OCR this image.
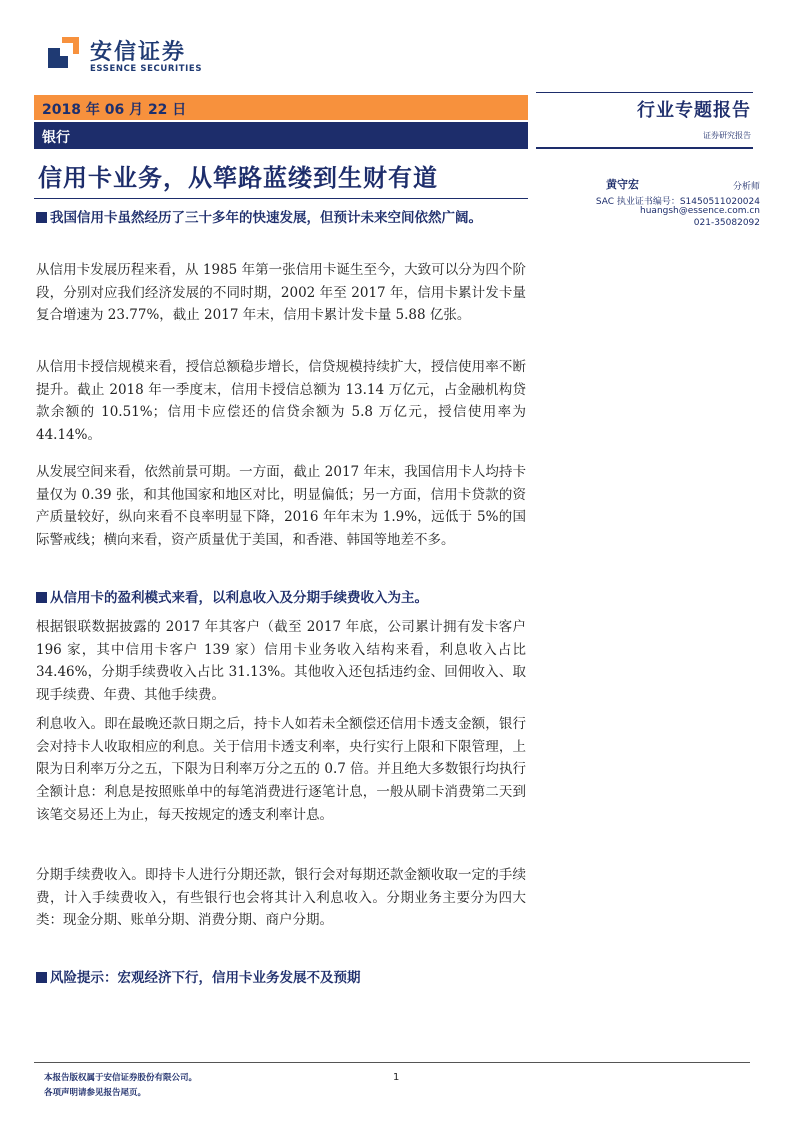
安信证券
ESSENCE SECURITIES
2018 年 06 月 22 日
银行
行业专题报告
证券研究报告
信用卡业务，从筚路蓝缕到生财有道	黄守宏	分析师
SAC 执业证书编号：S1450511020024
huangsh@essence.com.cn
021-35082092
我国信用卡虽然经历了三十多年的快速发展，但预计未来空间依然广阔。
从信用卡发展历程来看，从 1985 年第一张信用卡诞生至今，大致可以分为四个阶段，分别对应我们经济发展的不同时期，2002 年至 2017 年，信用卡累计发卡量复合增速为 23.77%，截止 2017 年末，信用卡累计发卡量 5.88 亿张。
从信用卡授信规模来看，授信总额稳步增长，信贷规模持续扩大，授信使用率不断提升。截止 2018 年一季度末，信用卡授信总额为 13.14 万亿元，占金融机构贷款余额的 10.51%；信用卡应偿还的信贷余额为 5.8 万亿元，授信使用率为 44.14%。
从发展空间来看，依然前景可期。一方面，截止 2017 年末，我国信用卡人均持卡量仅为 0.39 张，和其他国家和地区对比，明显偏低；另一方面，信用卡贷款的资产质量较好，纵向来看不良率明显下降，2016 年年末为 1.9%，远低于 5%的国际警戒线；横向来看，资产质量优于美国，和香港、韩国等地差不多。
从信用卡的盈利模式来看，以利息收入及分期手续费收入为主。
根据银联数据披露的 2017 年其客户（截至 2017 年底，公司累计拥有发卡客户 196 家，其中信用卡客户 139 家）信用卡业务收入结构来看，利息收入占比 34.46%，分期手续费收入占比 31.13%。其他收入还包括违约金、回佣收入、取现手续费、年费、其他手续费。
利息收入。即在最晚还款日期之后，持卡人如若未全额偿还信用卡透支金额，银行会对持卡人收取相应的利息。关于信用卡透支利率，央行实行上限和下限管理，上限为日利率万分之五，下限为日利率万分之五的 0.7 倍。并且绝大多数银行均执行全额计息：利息是按照账单中的每笔消费进行逐笔计息，一般从刷卡消费第二天到该笔交易还上为止，每天按规定的透支利率计息。
分期手续费收入。即持卡人进行分期还款，银行会对每期还款金额收取一定的手续费，计入手续费收入，有些银行也会将其计入利息收入。分期业务主要分为四大类：现金分期、账单分期、消费分期、商户分期。
风险提示：宏观经济下行，信用卡业务发展不及预期
本报告版权属于安信证券股份有限公司。
各项声明请参见报告尾页。
1
